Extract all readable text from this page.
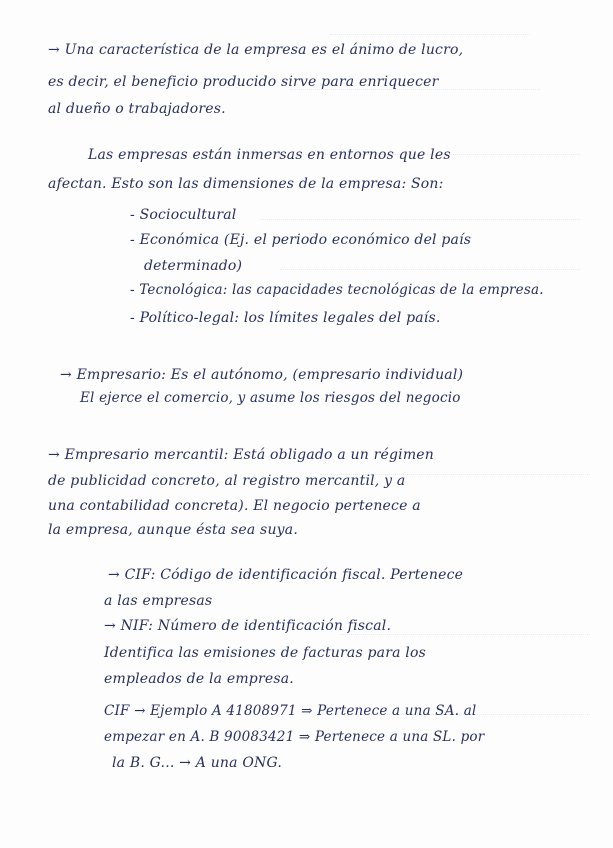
→ Una característica de la empresa es el ánimo de lucro,
es decir, el beneficio producido sirve para enriquecer
al dueño o trabajadores.
Las empresas están inmersas en entornos que les
afectan. Esto son las dimensiones de la empresa: Son:
- Sociocultural
- Económica (Ej. el periodo económico del país
determinado)
- Tecnológica: las capacidades tecnológicas de la empresa.
- Político-legal: los límites legales del país.
→ Empresario: Es el autónomo, (empresario individual)
El ejerce el comercio, y asume los riesgos del negocio
→ Empresario mercantil: Está obligado a un régimen
de publicidad concreto, al registro mercantil, y a
una contabilidad concreta). El negocio pertenece a
la empresa, aunque ésta sea suya.
→ CIF: Código de identificación fiscal. Pertenece
a las empresas
→ NIF: Número de identificación fiscal.
Identifica las emisiones de facturas para los
empleados de la empresa.
CIF → Ejemplo A 41808971 ⇒ Pertenece a una SA. al
empezar en A. B 90083421 ⇒ Pertenece a una SL. por
la B. G... → A una ONG.
